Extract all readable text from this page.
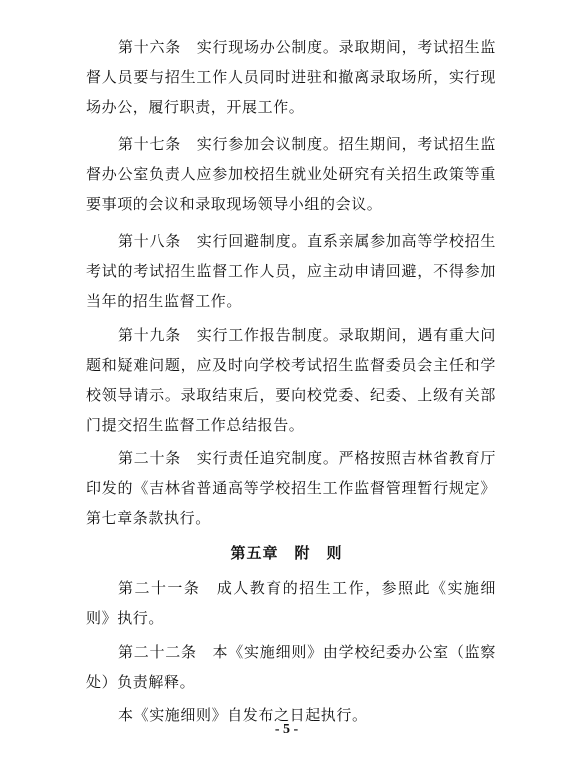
第十六条　实行现场办公制度。录取期间，考试招生监督人员要与招生工作人员同时进驻和撤离录取场所，实行现场办公，履行职责，开展工作。

第十七条　实行参加会议制度。招生期间，考试招生监督办公室负责人应参加校招生就业处研究有关招生政策等重要事项的会议和录取现场领导小组的会议。

第十八条　实行回避制度。直系亲属参加高等学校招生考试的考试招生监督工作人员，应主动申请回避，不得参加当年的招生监督工作。

第十九条　实行工作报告制度。录取期间，遇有重大问题和疑难问题，应及时向学校考试招生监督委员会主任和学校领导请示。录取结束后，要向校党委、纪委、上级有关部门提交招生监督工作总结报告。

第二十条　实行责任追究制度。严格按照吉林省教育厅印发的《吉林省普通高等学校招生工作监督管理暂行规定》第七章条款执行。

第五章　附　则

第二十一条　成人教育的招生工作，参照此《实施细则》执行。

第二十二条　本《实施细则》由学校纪委办公室（监察处）负责解释。

本《实施细则》自发布之日起执行。

- 5 -
